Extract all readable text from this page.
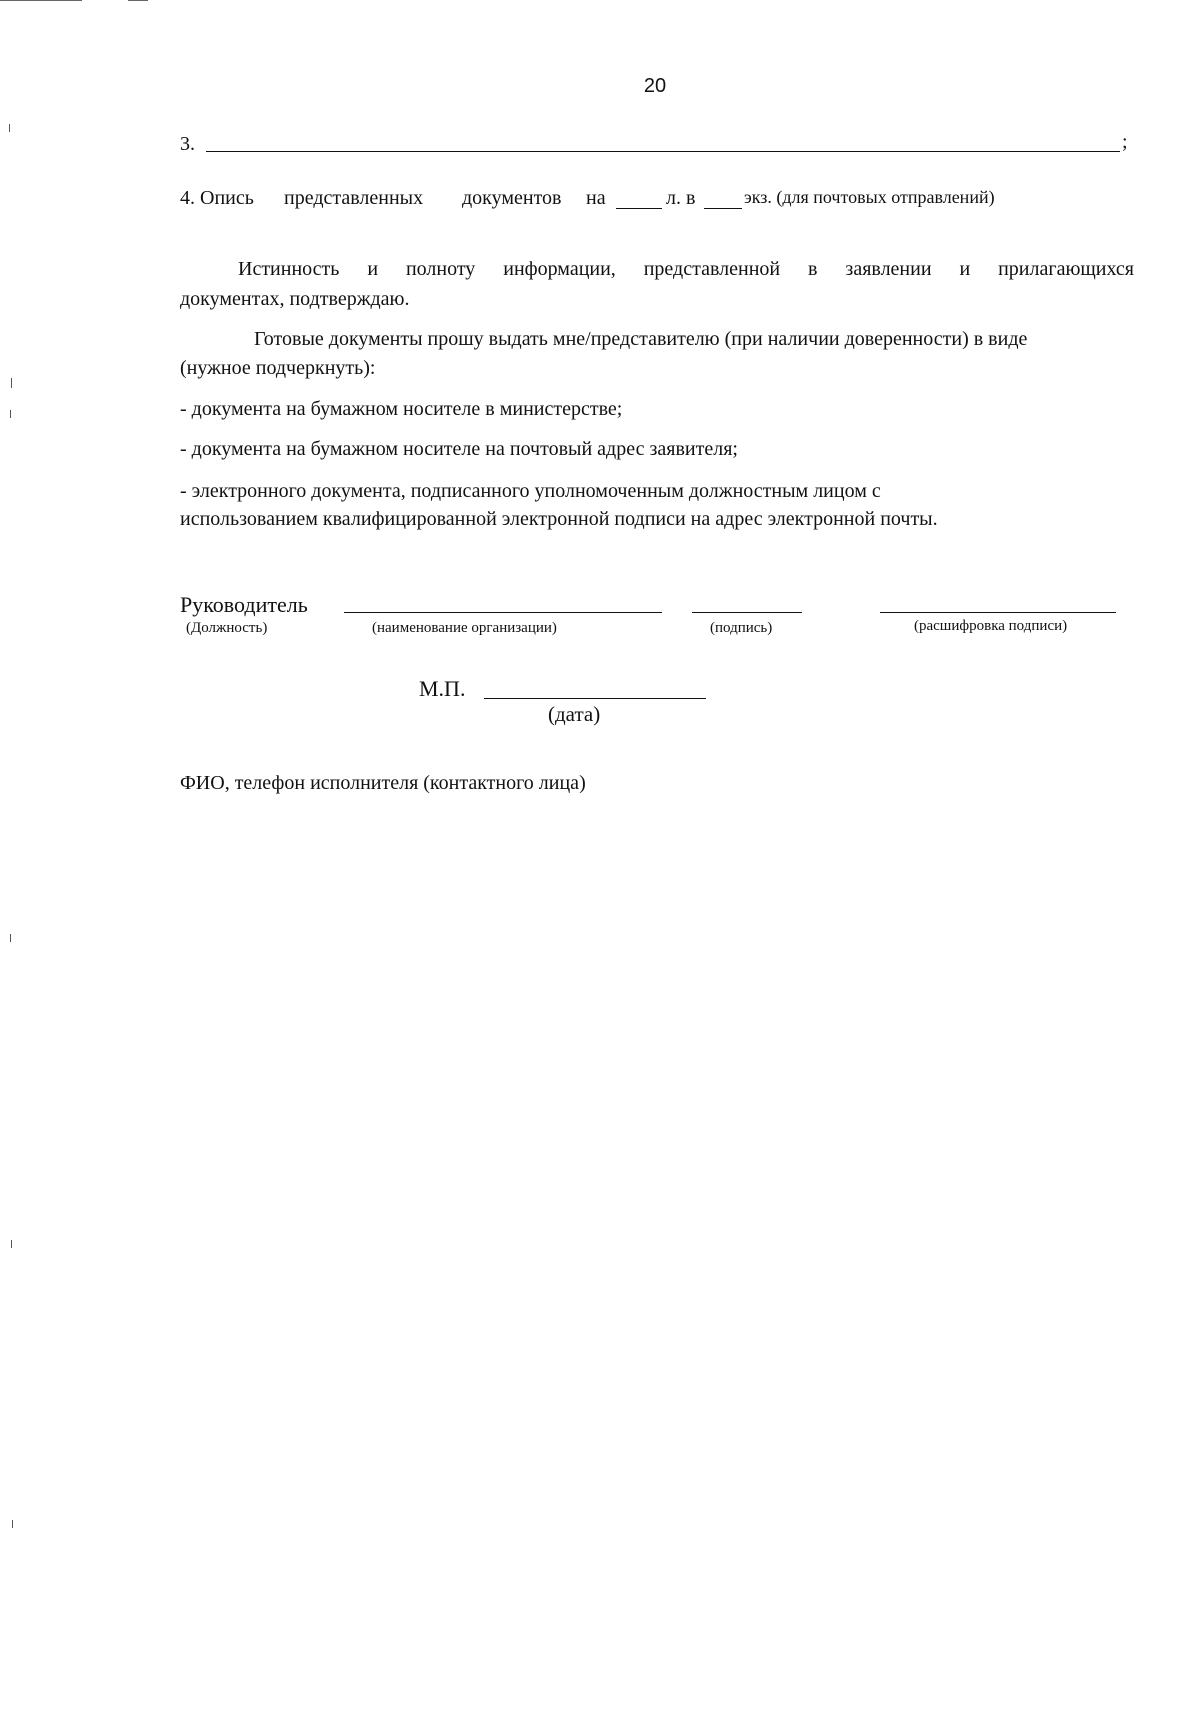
20
3.	;
4. Опись представленных документов на	л. в	экз. (для почтовых отправлений)
Истинность и полноту информации, представленной в заявлении и прилагающихся
документах, подтверждаю.
Готовые документы прошу выдать мне/представителю (при наличии доверенности) в виде
(нужное подчеркнуть):
- документа на бумажном носителе в министерстве;
- документа на бумажном носителе на почтовый адрес заявителя;
- электронного документа, подписанного уполномоченным должностным лицом с
использованием квалифицированной электронной подписи на адрес электронной почты.
Руководитель
(Должность)	(наименование организации)	(подпись)	(расшифровка подписи)
М.П.
(дата)
ФИО, телефон исполнителя (контактного лица)
